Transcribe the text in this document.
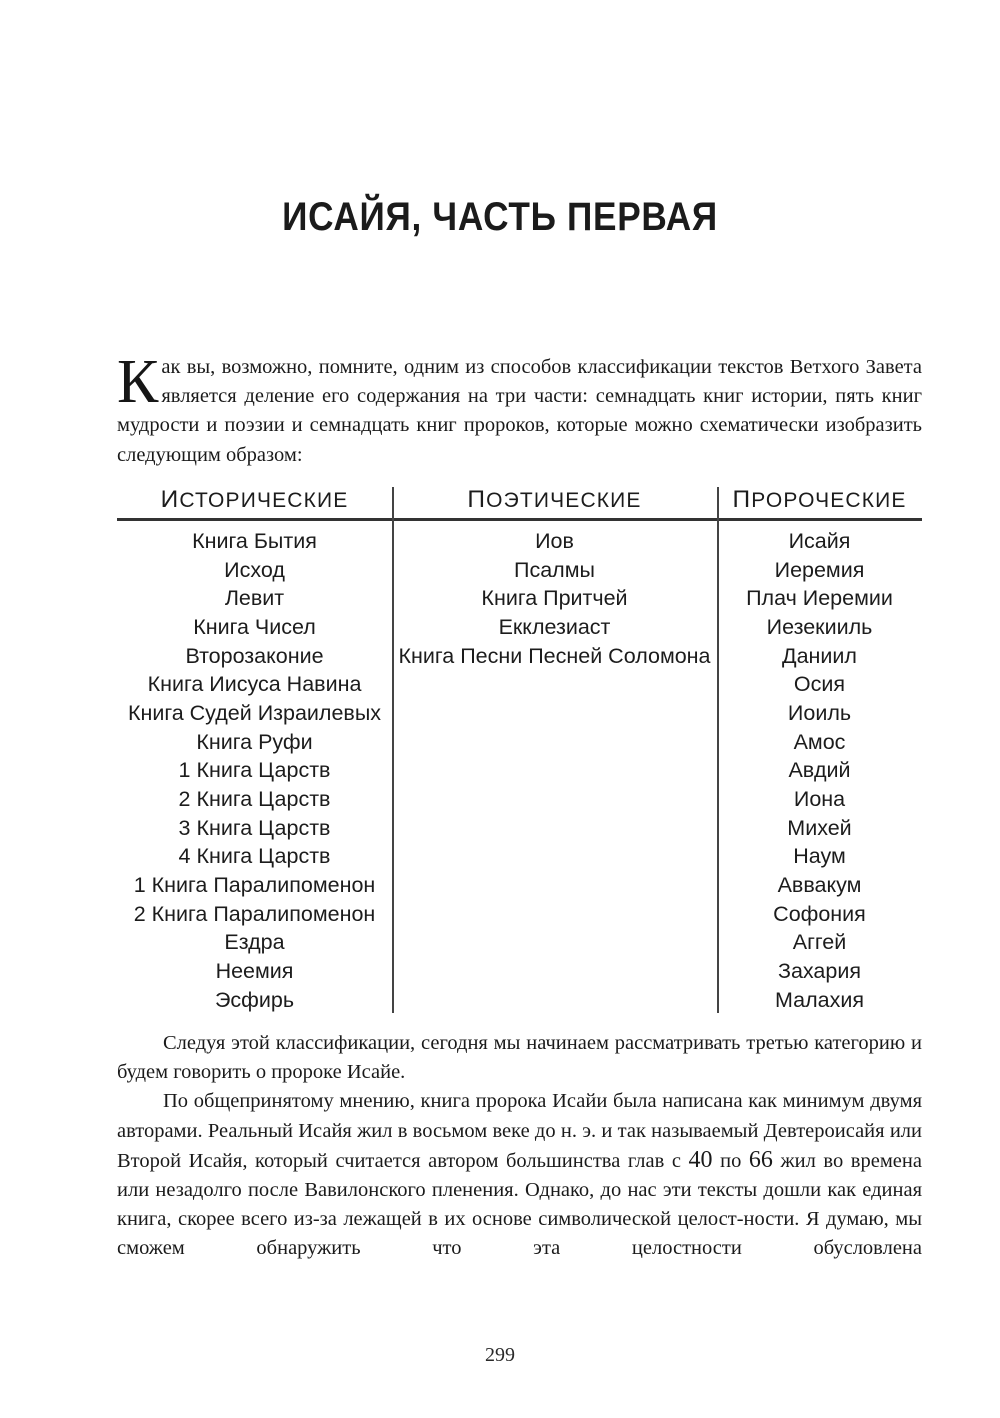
ИСАЙЯ, ЧАСТЬ ПЕРВАЯ

Как вы, возможно, помните, одним из способов классификации текстов Ветхого Завета является деление его содержания на три части: семнадцать книг истории, пять книг мудрости и поэзии и семнадцать книг пророков, которые можно схематически изобразить следующим образом:

ИСТОРИЧЕСКИЕ
Книга Бытия
Исход
Левит
Книга Чисел
Второзаконие
Книга Иисуса Навина
Книга Судей Израилевых
Книга Руфи
1 Книга Царств
2 Книга Царств
3 Книга Царств
4 Книга Царств
1 Книга Паралипоменон
2 Книга Паралипоменон
Ездра
Неемия
Эсфирь
ПОЭТИЧЕСКИЕ
Иов
Псалмы
Книга Притчей
Екклезиаст
Книга Песни Песней Соломона
ПРОРОЧЕСКИЕ
Исайя
Иеремия
Плач Иеремии
Иезекииль
Даниил
Осия
Иоиль
Амос
Авдий
Иона
Михей
Наум
Аввакум
Софония
Аггей
Захария
Малахия

Следуя этой классификации, сегодня мы начинаем рассматривать третью категорию и будем говорить о пророке Исайе.

По общепринятому мнению, книга пророка Исайи была написана как минимум двумя авторами. Реальный Исайя жил в восьмом веке до н. э. и так называемый Девтероисайя или Второй Исайя, который считается автором большинства глав с 40 по 66 жил во времена или незадолго после Вавилонского пленения. Однако, до нас эти тексты дошли как единая книга, скорее всего из-за лежащей в их основе символической целост-ности. Я думаю, мы сможем обнаружить что эта целостности обусловлена

299
